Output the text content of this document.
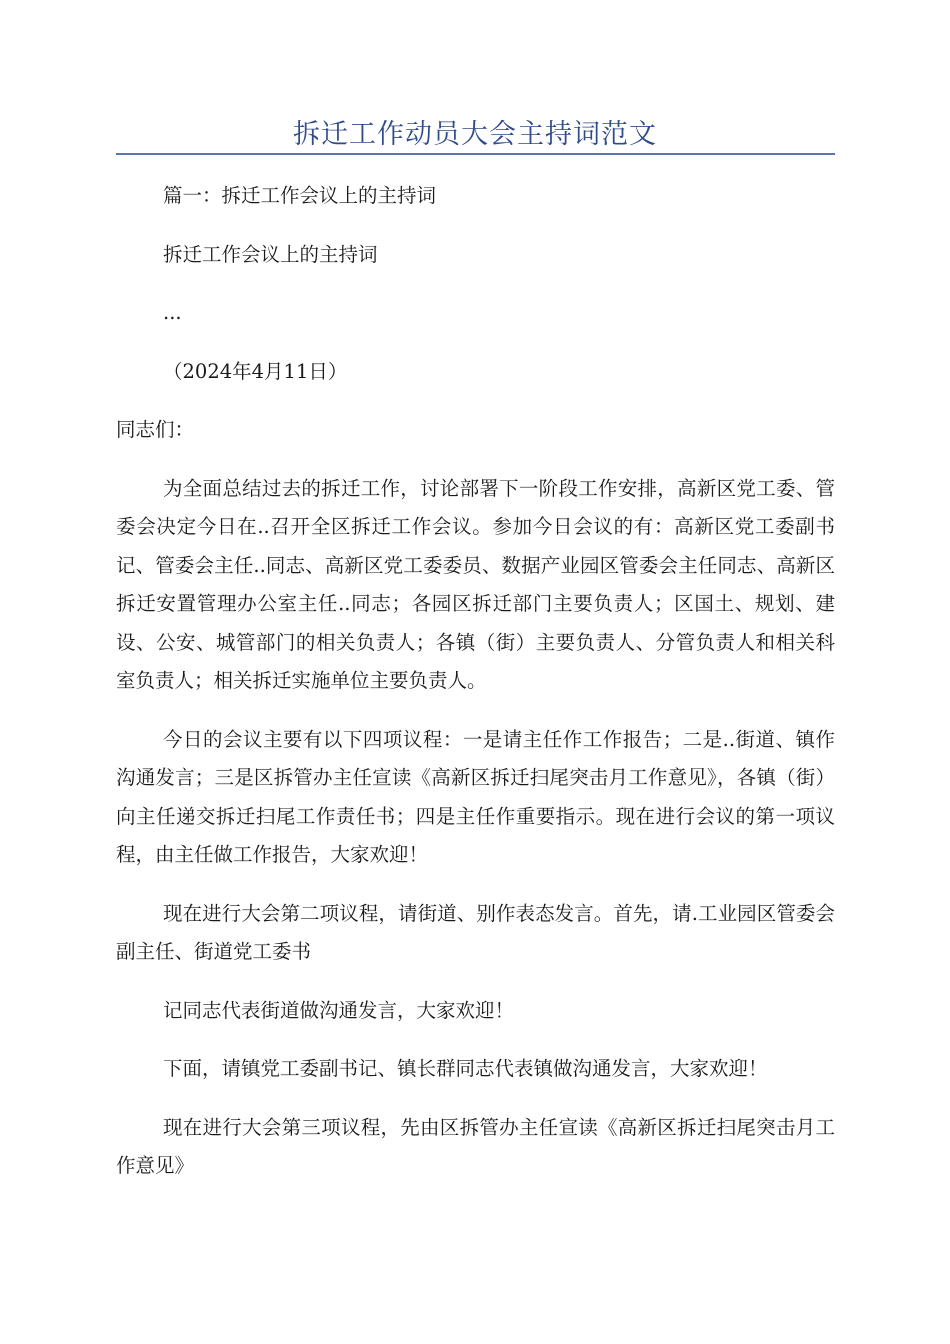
拆迁工作动员大会主持词范文

篇一：拆迁工作会议上的主持词

拆迁工作会议上的主持词

...

（2024年4月11日）

同志们：

为全面总结过去的拆迁工作，讨论部署下一阶段工作安排，高新区党工委、管委会决定今日在..召开全区拆迁工作会议。参加今日会议的有：高新区党工委副书记、管委会主任..同志、高新区党工委委员、数据产业园区管委会主任同志、高新区拆迁安置管理办公室主任..同志；各园区拆迁部门主要负责人；区国土、规划、建设、公安、城管部门的相关负责人；各镇（街）主要负责人、分管负责人和相关科室负责人；相关拆迁实施单位主要负责人。

今日的会议主要有以下四项议程：一是请主任作工作报告；二是..街道、镇作沟通发言；三是区拆管办主任宣读《高新区拆迁扫尾突击月工作意见》，各镇（街）向主任递交拆迁扫尾工作责任书；四是主任作重要指示。现在进行会议的第一项议程，由主任做工作报告，大家欢迎！

现在进行大会第二项议程，请街道、别作表态发言。首先，请.工业园区管委会副主任、街道党工委书

记同志代表街道做沟通发言，大家欢迎！

下面，请镇党工委副书记、镇长群同志代表镇做沟通发言，大家欢迎！

现在进行大会第三项议程，先由区拆管办主任宣读《高新区拆迁扫尾突击月工作意见》
